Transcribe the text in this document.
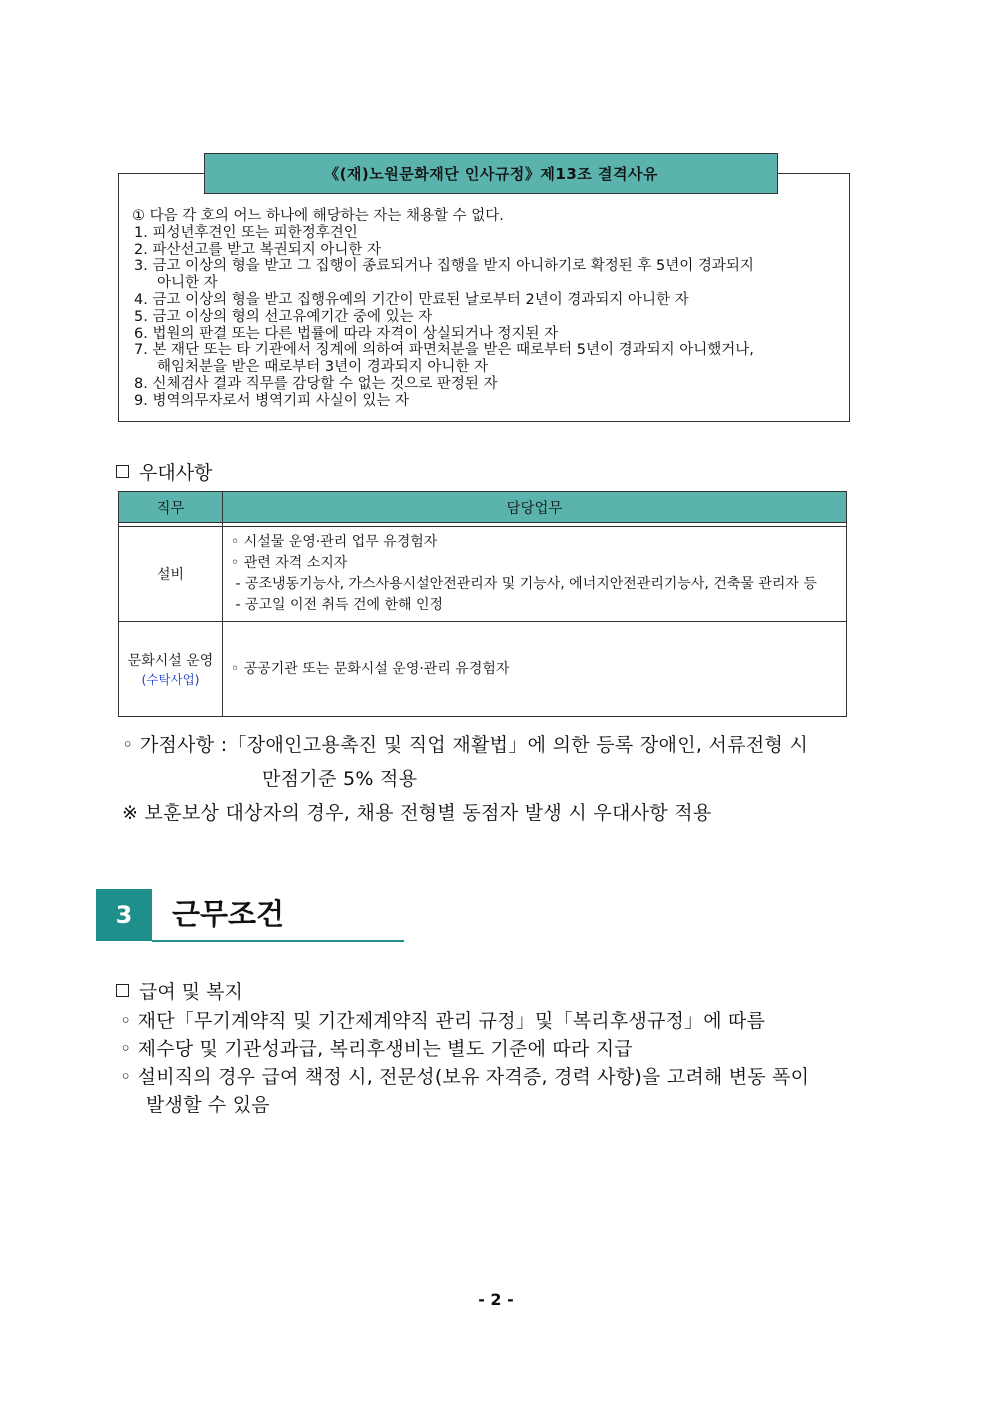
《(재)노원문화재단 인사규정》제13조 결격사유

① 다음 각 호의 어느 하나에 해당하는 자는 채용할 수 없다.

1. 피성년후견인 또는 피한정후견인

2. 파산선고를 받고 복권되지 아니한 자

3. 금고 이상의 형을 받고 그 집행이 종료되거나 집행을 받지 아니하기로 확정된 후 5년이 경과되지

아니한 자

4. 금고 이상의 형을 받고 집행유예의 기간이 만료된 날로부터 2년이 경과되지 아니한 자

5. 금고 이상의 형의 선고유예기간 중에 있는 자

6. 법원의 판결 또는 다른 법률에 따라 자격이 상실되거나 정지된 자

7. 본 재단 또는 타 기관에서 징계에 의하여 파면처분을 받은 때로부터 5년이 경과되지 아니했거나,

해임처분을 받은 때로부터 3년이 경과되지 아니한 자

8. 신체검사 결과 직무를 감당할 수 없는 것으로 판정된 자

9. 병역의무자로서 병역기피 사실이 있는 자

우대사항
직무	담당업무

설비	◦ 시설물 운영·관리 업무 유경험자
◦ 관련 자격 소지자
- 공조냉동기능사, 가스사용시설안전관리자 및 기능사, 에너지안전관리기능사, 건축물 관리자 등
- 공고일 이전 취득 건에 한해 인정

문화시설 운영
(수탁사업)	◦ 공공기관 또는 문화시설 운영·관리 유경험자
◦ 가점사항 :「장애인고용촉진 및 직업 재활법」에 의한 등록 장애인, 서류전형 시
만점기준 5% 적용
※ 보훈보상 대상자의 경우, 채용 전형별 동점자 발생 시 우대사항 적용
3	근무조건
급여 및 복지
◦ 재단「무기계약직 및 기간제계약직 관리 규정」및「복리후생규정」에 따름
◦ 제수당 및 기관성과급, 복리후생비는 별도 기준에 따라 지급
◦ 설비직의 경우 급여 책정 시, 전문성(보유 자격증, 경력 사항)을 고려해 변동 폭이
발생할 수 있음
- 2 -
